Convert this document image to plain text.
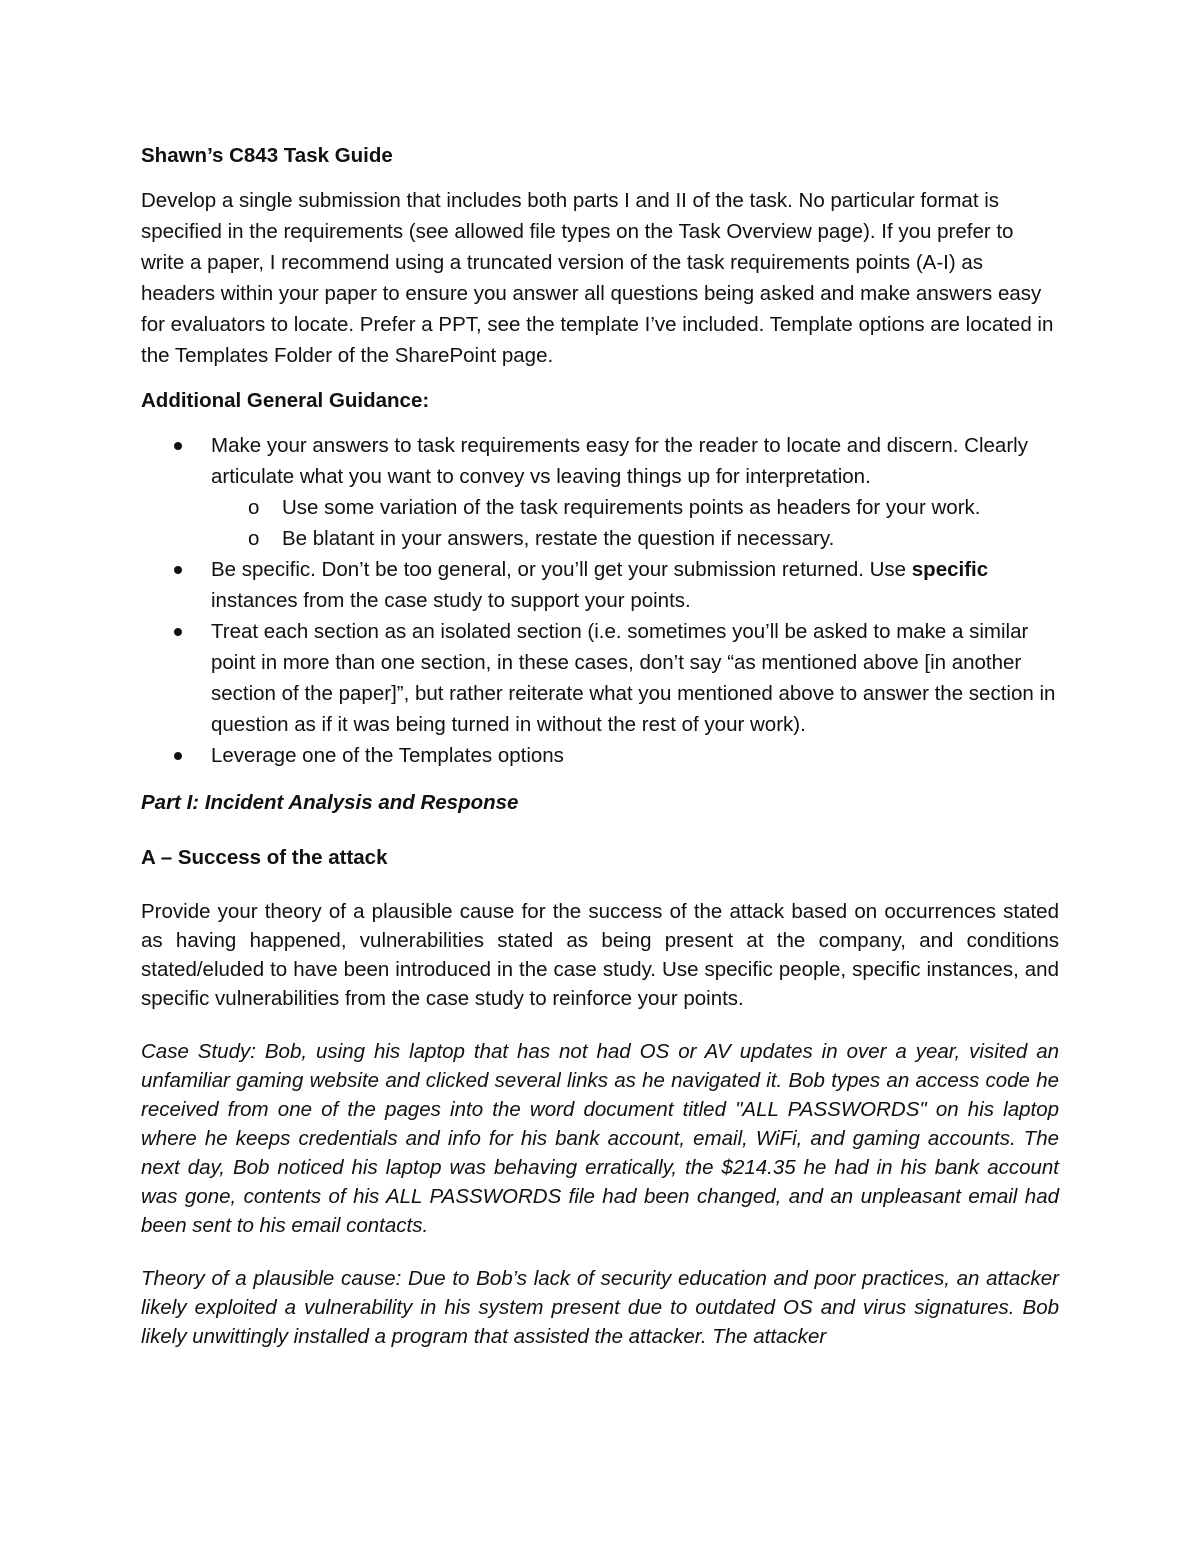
Shawn’s C843 Task Guide
Develop a single submission that includes both parts I and II of the task. No particular format is specified in the requirements (see allowed file types on the Task Overview page). If you prefer to write a paper, I recommend using a truncated version of the task requirements points (A-I) as headers within your paper to ensure you answer all questions being asked and make answers easy for evaluators to locate. Prefer a PPT, see the template I’ve included. Template options are located in the Templates Folder of the SharePoint page.
Additional General Guidance:
Make your answers to task requirements easy for the reader to locate and discern. Clearly articulate what you want to convey vs leaving things up for interpretation.
o Use some variation of the task requirements points as headers for your work.
o Be blatant in your answers, restate the question if necessary.
Be specific. Don’t be too general, or you’ll get your submission returned. Use specific instances from the case study to support your points.
Treat each section as an isolated section (i.e. sometimes you’ll be asked to make a similar point in more than one section, in these cases, don’t say “as mentioned above [in another section of the paper]”, but rather reiterate what you mentioned above to answer the section in question as if it was being turned in without the rest of your work).
Leverage one of the Templates options
Part I: Incident Analysis and Response
A – Success of the attack
Provide your theory of a plausible cause for the success of the attack based on occurrences stated as having happened, vulnerabilities stated as being present at the company, and conditions stated/eluded to have been introduced in the case study. Use specific people, specific instances, and specific vulnerabilities from the case study to reinforce your points.
Case Study: Bob, using his laptop that has not had OS or AV updates in over a year, visited an unfamiliar gaming website and clicked several links as he navigated it. Bob types an access code he received from one of the pages into the word document titled "ALL PASSWORDS" on his laptop where he keeps credentials and info for his bank account, email, WiFi, and gaming accounts. The next day, Bob noticed his laptop was behaving erratically, the $214.35 he had in his bank account was gone, contents of his ALL PASSWORDS file had been changed, and an unpleasant email had been sent to his email contacts.
Theory of a plausible cause: Due to Bob’s lack of security education and poor practices, an attacker likely exploited a vulnerability in his system present due to outdated OS and virus signatures. Bob likely unwittingly installed a program that assisted the attacker. The attacker
